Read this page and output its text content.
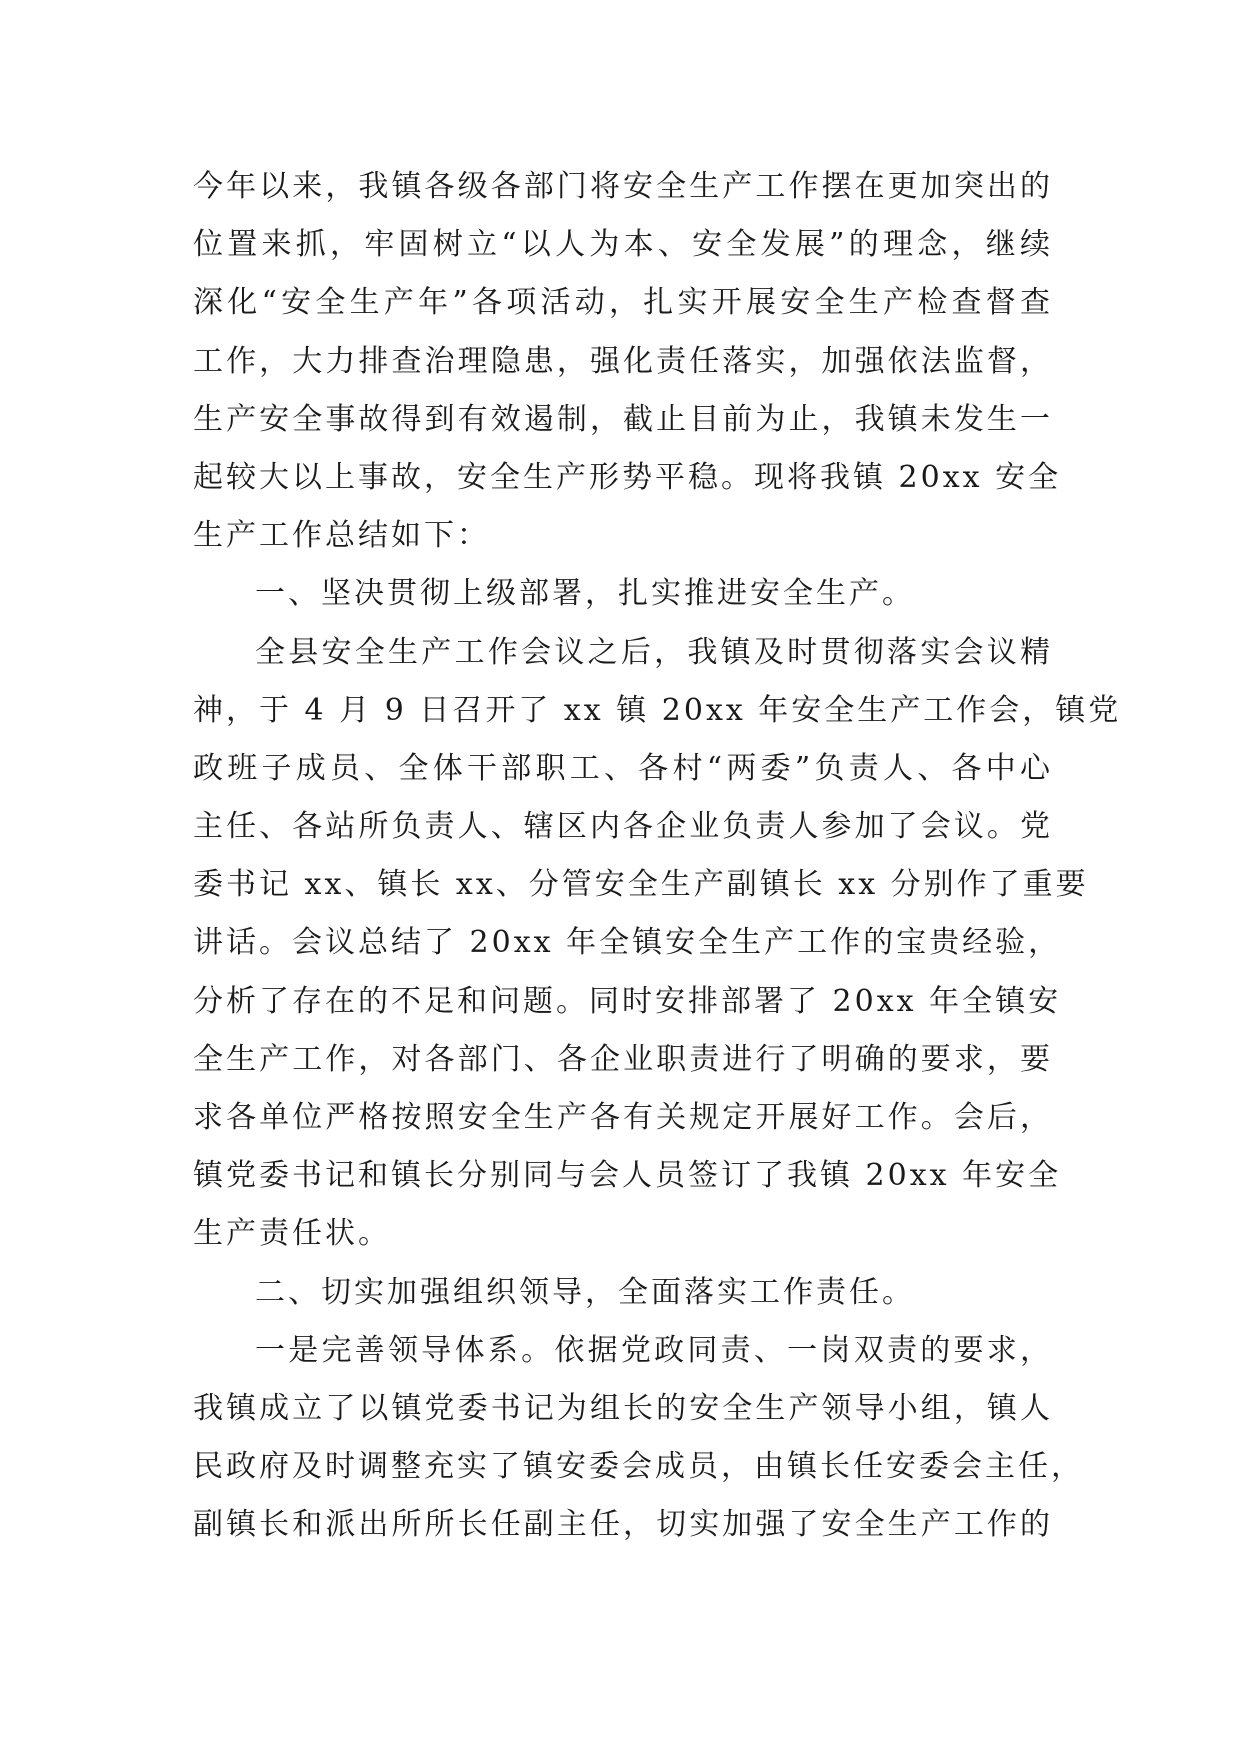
今年以来，我镇各级各部门将安全生产工作摆在更加突出的
位置来抓，牢固树立“以人为本、安全发展”的理念，继续
深化“安全生产年”各项活动，扎实开展安全生产检查督查
工作，大力排查治理隐患，强化责任落实，加强依法监督，
生产安全事故得到有效遏制，截止目前为止，我镇未发生一
起较大以上事故，安全生产形势平稳。现将我镇 20xx 安全
生产工作总结如下：
一、坚决贯彻上级部署，扎实推进安全生产。
全县安全生产工作会议之后，我镇及时贯彻落实会议精
神，于 4 月 9 日召开了 xx 镇 20xx 年安全生产工作会，镇党
政班子成员、全体干部职工、各村“两委”负责人、各中心
主任、各站所负责人、辖区内各企业负责人参加了会议。党
委书记 xx、镇长 xx、分管安全生产副镇长 xx 分别作了重要
讲话。会议总结了 20xx 年全镇安全生产工作的宝贵经验，
分析了存在的不足和问题。同时安排部署了 20xx 年全镇安
全生产工作，对各部门、各企业职责进行了明确的要求，要
求各单位严格按照安全生产各有关规定开展好工作。会后，
镇党委书记和镇长分别同与会人员签订了我镇 20xx 年安全
生产责任状。
二、切实加强组织领导，全面落实工作责任。
一是完善领导体系。依据党政同责、一岗双责的要求，
我镇成立了以镇党委书记为组长的安全生产领导小组，镇人
民政府及时调整充实了镇安委会成员，由镇长任安委会主任，
副镇长和派出所所长任副主任，切实加强了安全生产工作的
